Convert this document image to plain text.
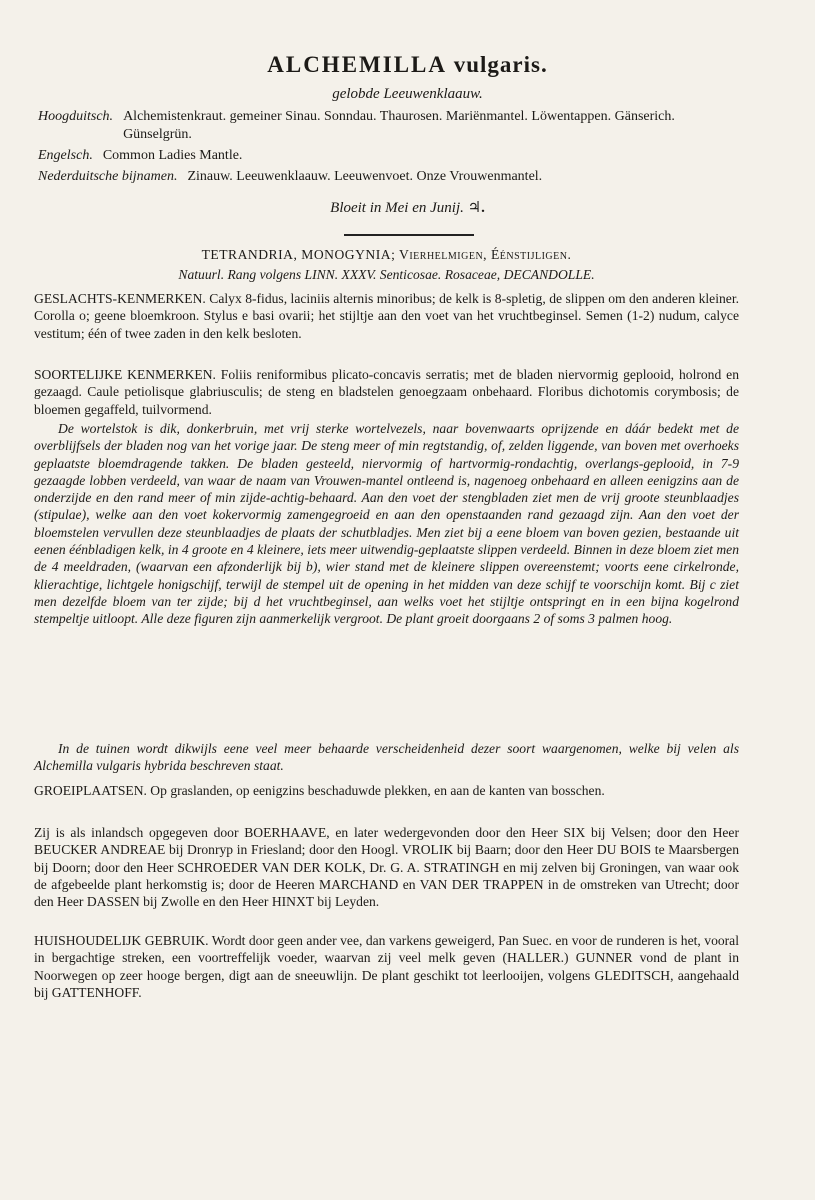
ALCHEMILLA vulgaris.
gelobde Leeuwenklaauw.
Hoogduitsch. Alchemistenkraut. gemeiner Sinau. Sonndau. Thaurosen. Mariënmantel. Löwentappen. Gänserich. Günselgrün.
Engelsch. Common Ladies Mantle.
Nederduitsche bijnamen. Zinauw. Leeuwenklaauw. Leeuwenvoet. Onze Vrouwenmantel.
Bloeit in Mei en Junij. ♃.
TETRANDRIA, MONOGYNIA; Vierhelmigen, Éénstijligen.
Natuurl. Rang volgens LINN. XXXV. Senticosae. Rosaceae, DECANDOLLE.
GESLACHTS-KENMERKEN. Calyx 8-fidus, laciniis alternis minoribus; de kelk is 8-spletig, de slippen om den anderen kleiner. Corolla o; geene bloemkroon. Stylus e basi ovarii; het stijltje aan den voet van het vruchtbeginsel. Semen (1-2) nudum, calyce vestitum; één of twee zaden in den kelk besloten.
SOORTELIJKE KENMERKEN. Foliis reniformibus plicato-concavis serratis; met de bladen niervormig geplooid, holrond en gezaagd. Caule petiolisque glabriusculis; de steng en bladstelen genoegzaam onbehaard. Floribus dichotomis corymbosis; de bloemen gegaffeld, tuilvormend.
De wortelstok is dik, donkerbruin, met vrij sterke wortelvezels, naar bovenwaarts oprijzende en dáár bedekt met de overblijfsels der bladen nog van het vorige jaar. De steng meer of min regtstandig, of, zelden liggende, van boven met overhoeks geplaatste bloemdragende takken. De bladen gesteeld, niervormig of hartvormig-rondachtig, overlangs-geplooid, in 7-9 gezaagde lobben verdeeld, van waar de naam van Vrouwen-mantel ontleend is, nagenoeg onbehaard en alleen eenigzins aan de onderzijde en den rand meer of min zijde-achtig-behaard. Aan den voet der stengbladen ziet men de vrij groote steunblaadjes (stipulae), welke aan den voet kokervormig zamengegroeid en aan den openstaanden rand gezaagd zijn. Aan den voet der bloemstelen vervullen deze steunblaadjes de plaats der schutbladjes. Men ziet bij a eene bloem van boven gezien, bestaande uit eenen éénbladigen kelk, in 4 groote en 4 kleinere, iets meer uitwendig-geplaatste slippen verdeeld. Binnen in deze bloem ziet men de 4 meeldraden, (waarvan een afzonderlijk bij b), wier stand met de kleinere slippen overeenstemt; voorts eene cirkelronde, klierachtige, lichtgele honigschijf, terwijl de stempel uit de opening in het midden van deze schijf te voorschijn komt. Bij c ziet men dezelfde bloem van ter zijde; bij d het vruchtbeginsel, aan welks voet het stijltje ontspringt en in een bijna kogelrond stempeltje uitloopt. Alle deze figuren zijn aanmerkelijk vergroot. De plant groeit doorgaans 2 of soms 3 palmen hoog.
In de tuinen wordt dikwijls eene veel meer behaarde verscheidenheid dezer soort waargenomen, welke bij velen als Alchemilla vulgaris hybrida beschreven staat.
GROEIPLAATSEN. Op graslanden, op eenigzins beschaduwde plekken, en aan de kanten van bosschen.
Zij is als inlandsch opgegeven door BOERHAAVE, en later wedergevonden door den Heer SIX bij Velsen; door den Heer BEUCKER ANDREAE bij Dronryp in Friesland; door den Hoogl. VROLIK bij Baarn; door den Heer DU BOIS te Maarsbergen bij Doorn; door den Heer SCHROEDER VAN DER KOLK, Dr. G. A. STRATINGH en mij zelven bij Groningen, van waar ook de afgebeelde plant herkomstig is; door de Heeren MARCHAND en VAN DER TRAPPEN in de omstreken van Utrecht; door den Heer DASSEN bij Zwolle en den Heer HINXT bij Leyden.
HUISHOUDELIJK GEBRUIK. Wordt door geen ander vee, dan varkens geweigerd, Pan Suec. en voor de runderen is het, vooral in bergachtige streken, een voortreffelijk voeder, waarvan zij veel melk geven (HALLER.) GUNNER vond de plant in Noorwegen op zeer hooge bergen, digt aan de sneeuwlijn. De plant geschikt tot leerlooijen, volgens GLEDITSCH, aangehaald bij GATTENHOFF.
